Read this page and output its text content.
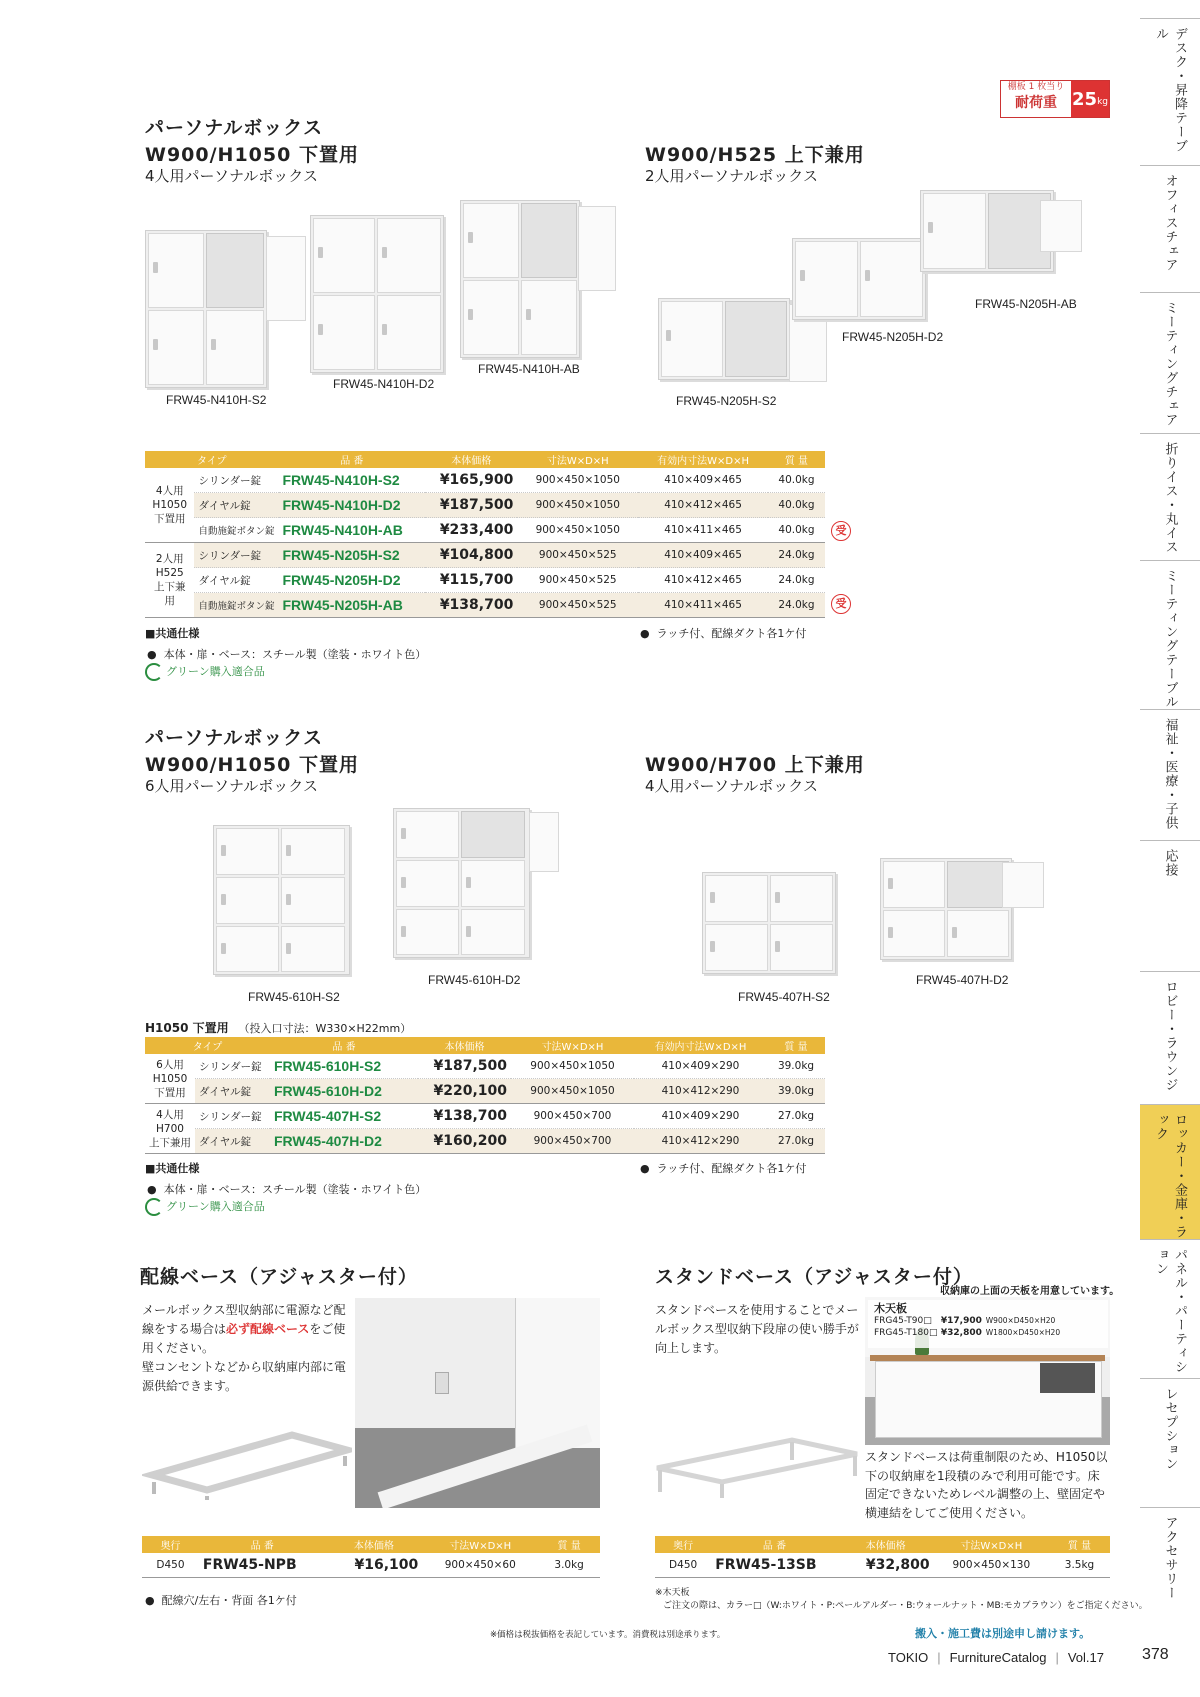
棚板 1 枚当り
耐荷重 25 kg
パーソナルボックス
W900/H1050 下置用
4人用パーソナルボックス
W900/H525 上下兼用
2人用パーソナルボックス
FRW45-N410H-S2
FRW45-N410H-D2
FRW45-N410H-AB
FRW45-N205H-S2
FRW45-N205H-D2
FRW45-N205H-AB
タイプ		品 番	本体価格	寸法W×D×H	有効内寸法W×D×H	質 量
4人用
H1050
下置用	シリンダー錠	FRW45-N410H-S2	¥165,900	900×450×1050	410×409×465	40.0kg
	ダイヤル錠	FRW45-N410H-D2	¥187,500	900×450×1050	410×412×465	40.0kg
	自動施錠ボタン錠	FRW45-N410H-AB	¥233,400	900×450×1050	410×411×465	40.0kg
2人用
H525
上下兼用	シリンダー錠	FRW45-N205H-S2	¥104,800	900×450×525	410×409×465	24.0kg
	ダイヤル錠	FRW45-N205H-D2	¥115,700	900×450×525	410×412×465	24.0kg
	自動施錠ボタン錠	FRW45-N205H-AB	¥138,700	900×450×525	410×411×465	24.0kg
受
受
■共通仕様
●  本体・扉・ベース：スチール製（塗装・ホワイト色）
グリーン購入適合品
●  ラッチ付、配線ダクト各1ケ付
パーソナルボックス
W900/H1050 下置用
6人用パーソナルボックス
W900/H700 上下兼用
4人用パーソナルボックス
FRW45-610H-S2
FRW45-610H-D2
FRW45-407H-S2
FRW45-407H-D2
H1050 下置用 （投入口寸法：W330×H22mm）
タイプ		品 番	本体価格	寸法W×D×H	有効内寸法W×D×H	質 量
6人用
H1050
下置用	シリンダー錠	FRW45-610H-S2	¥187,500	900×450×1050	410×409×290	39.0kg
	ダイヤル錠	FRW45-610H-D2	¥220,100	900×450×1050	410×412×290	39.0kg
4人用
H700
上下兼用	シリンダー錠	FRW45-407H-S2	¥138,700	900×450×700	410×409×290	27.0kg
	ダイヤル錠	FRW45-407H-D2	¥160,200	900×450×700	410×412×290	27.0kg
■共通仕様
●  本体・扉・ベース：スチール製（塗装・ホワイト色）
グリーン購入適合品
●  ラッチ付、配線ダクト各1ケ付
配線ベース（アジャスター付）
メールボックス型収納部に電源など配線をする場合は必ず配線ベースをご使用ください。
壁コンセントなどから収納庫内部に電源供給できます。
奥行	品 番	本体価格	寸法W×D×H	質 量
D450	FRW45-NPB	¥16,100	900×450×60	3.0kg
●  配線穴/左右・背面 各1ケ付
スタンドベース（アジャスター付）
スタンドベースを使用することでメールボックス型収納下段扉の使い勝手が向上します。
収納庫の上面の天板を用意しています。
木天板
FRG45-T90□ ¥17,900 W900×D450×H20
FRG45-T180□ ¥32,800 W1800×D450×H20
スタンドベースは荷重制限のため、H1050以下の収納庫を1段積のみで利用可能です。床固定できないためレベル調整の上、壁固定や横連結をしてご使用ください。
奥行	品 番	本体価格	寸法W×D×H	質 量
D450	FRW45-13SB	¥32,800	900×450×130	3.5kg
※木天板
ご注文の際は、カラー□（W:ホワイト・P:ペールアルダー・B:ウォールナット・MB:モカブラウン）をご指定ください。
※価格は税抜価格を表記しています。消費税は別途承ります。	搬入・施工費は別途申し請けます。
TOKIO | FurnitureCatalog | Vol.17 378
デスク・昇降テーブル
オフィスチェア
ミーティングチェア
折りイス・丸イス
ミーティングテーブル
福祉・医療・子供
応接
ロビー・ラウンジ
ロッカー・金庫・ラック
パネル・パーティション
レセプション
アクセサリー
